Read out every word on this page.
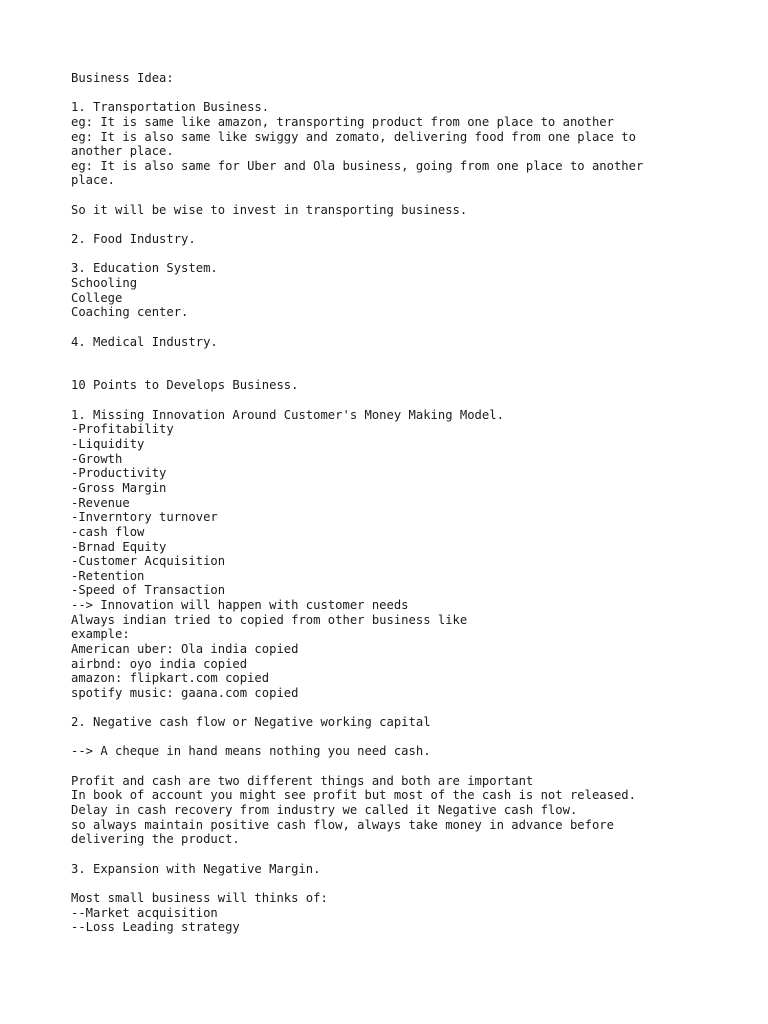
Business Idea:
1. Transportation Business.
eg: It is same like amazon, transporting product from one place to another
eg: It is also same like swiggy and zomato, delivering food from one place to
another place.
eg: It is also same for Uber and Ola business, going from one place to another
place.
So it will be wise to invest in transporting business.
2. Food Industry.
3. Education System.
Schooling
College
Coaching center.
4. Medical Industry.
10 Points to Develops Business.
1. Missing Innovation Around Customer's Money Making Model.
-Profitability
-Liquidity
-Growth
-Productivity
-Gross Margin
-Revenue
-Inverntory turnover
-cash flow
-Brnad Equity
-Customer Acquisition
-Retention
-Speed of Transaction
--> Innovation will happen with customer needs
Always indian tried to copied from other business like
example:
American uber: Ola india copied
airbnd: oyo india copied
amazon: flipkart.com copied
spotify music: gaana.com copied
2. Negative cash flow or Negative working capital
--> A cheque in hand means nothing you need cash.
Profit and cash are two different things and both are important
In book of account you might see profit but most of the cash is not released.
Delay in cash recovery from industry we called it Negative cash flow.
so always maintain positive cash flow, always take money in advance before
delivering the product.
3. Expansion with Negative Margin.
Most small business will thinks of:
--Market acquisition
--Loss Leading strategy
